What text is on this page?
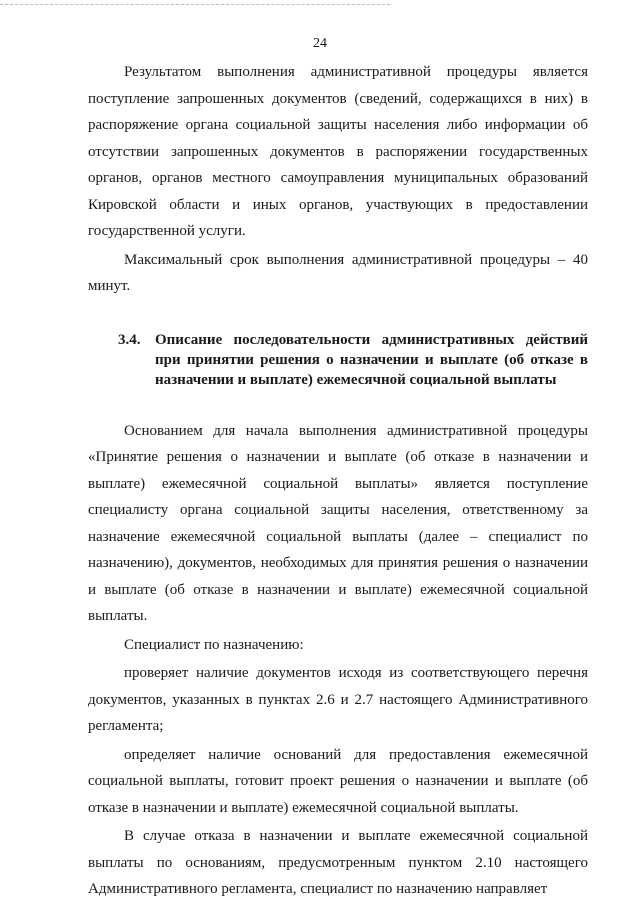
24

Результатом выполнения административной процедуры является поступление запрошенных документов (сведений, содержащихся в них) в распоряжение органа социальной защиты населения либо информации об отсутствии запрошенных документов в распоряжении государственных органов, органов местного самоуправления муниципальных образований Кировской области и иных органов, участвующих в предоставлении государственной услуги.

Максимальный срок выполнения административной процедуры – 40 минут.

3.4. Описание последовательности административных действий при принятии решения о назначении и выплате (об отказе в назначении и выплате) ежемесячной социальной выплаты

Основанием для начала выполнения административной процедуры «Принятие решения о назначении и выплате (об отказе в назначении и выплате) ежемесячной социальной выплаты» является поступление специалисту органа социальной защиты населения, ответственному за назначение ежемесячной социальной выплаты (далее – специалист по назначению), документов, необходимых для принятия решения о назначении и выплате (об отказе в назначении и выплате) ежемесячной социальной выплаты.

Специалист по назначению:

проверяет наличие документов исходя из соответствующего перечня документов, указанных в пунктах 2.6 и 2.7 настоящего Административного регламента;

определяет наличие оснований для предоставления ежемесячной социальной выплаты, готовит проект решения о назначении и выплате (об отказе в назначении и выплате) ежемесячной социальной выплаты.

В случае отказа в назначении и выплате ежемесячной социальной выплаты по основаниям, предусмотренным пунктом 2.10 настоящего Административного регламента, специалист по назначению направляет
